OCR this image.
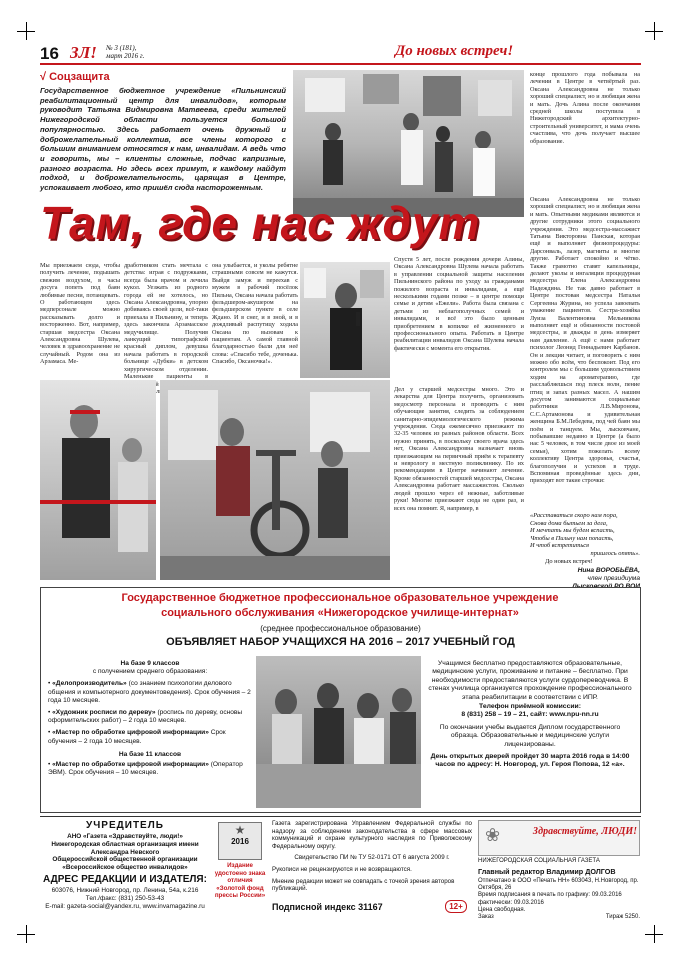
16 ЗЛ! № 3 (181),
март 2016 г.	До новых встреч!
√ Соцзащита
Государственное бюджетное учреждение «Пильнинский реабилитационный центр для инвалидов», которым руководит Татьяна Видмировна Матвеева, среди жителей Нижегородской области пользуется большой популярностью. Здесь работает очень дружный и доброжелательный коллектив, все члены которого с большим вниманием относятся к нам, инвалидам. А ведь что и говорить, мы – клиенты сложные, подчас капризные, разного возраста. Но здесь всех примут, к каждому найдут подход, и доброжелательность, царящая в Центре, успокаивает любого, кто пришёл сюда настороженным.
конце прошлого года побывала на лечении в Центре в четвёртый раз. Оксана Александровна не только хороший специалист, но и любящая жена и мать. Дочь Алина после окончания средней школы поступила в Нижегородский архитектурно-строительный университет, и мама очень счастлива, что дочь получает высшее образование.
Там, где нас ждут
Мы приезжаем сюда, чтобы получить лечение, подышать свежим воздухом, в часы досуга попеть под баян любимые песни, потанцевать. О работающем здесь медперсонале можно рассказывать долго и восторженно. Вот, например, старшая медсестра Оксана Александровна Шулева, человек в здравоохранение не случайный. Родом она из Арзамаса. Ме-
дработником стать мечтала с детства: играя с подружками, всегда была врачом и лечила кукол. Уезжать из родного города ей не хотелось, но Оксана Александровна, упорно добиваясь своей цели, всё-таки приехала в Пильнину, и теперь здесь закончила Арзамасское медучилище. Получив ланкущий типографской красный диплом, девушка начала работать в городской больнице «Дубки» в детском хирургическом отделении. Маленькие пациенты в
она улыбается, и уколы ребятне страшными совсем не кажутся. Выйдя замуж и переехав с мужем в рабочий посёлок Пильна, Оксана начала работать фельдшером-акушером на фельдшерском пункте в селе Ждано. И в снег, и в зной, и в дождливый распутицу ходила Оксана по вызовам к пациентам. А самой главной благодарностью были для неё слова: «Спасибо тебе, доченька. Спасибо, Оксаночка!».
Спустя 5 лет, после рождения дочери Алины, Оксана Александровна Шулева начала работать в управлении социальной защиты населения Пильнинского района по уходу за гражданами пожилого возраста и инвалидами, а ещё несколькими годами позже – в центре помощи семье и детям «Ежели». Работа была связана с детьми из неблагополучных семей и инвалидами, и всё это было ценным приобретением в копилке её жизненного и профессионального опыта. Работать в Центре реабилитации инвалидов Оксана Шулева начала фактически с момента его открытия.
Дел у старшей медсестры много. Это и лекарства для Центра получить, организовать медосмотр персонала и проводить с ним обучающие занятия, следить за соблюдением санитарно-эпидемиологического режима учреждения. Сюда ежемесячно приезжают по 32-35 человек из разных районов области. Всех нужно принять, в поскольку своего врача здесь нет, Оксана Александровна назначает вновь приезжающим на первичный приём к терапевту и неврологу в местную поликлинику. По их рекомендациям в Центре начинают лечение. Кроме обязанностей старшей медсестры, Оксана Александровна работает массажистом. Сколько людей прошло через её нежные, заботливые руки! Многие приезжают сюда не один раз, и всех она помнит. Я, например, в
Оксана Александровна не только хороший специалист, но и любящая жена и мать. Опытными медиками являются и другие сотрудники этого социального учреждения. Это медсестра-массажист Татьяна Викторовна Панская, которая ещё и выполняет физиопроцедуры: Дарсонваль, лазер, магниты и многие другие. Работает спокойно и чётко. Также грамотно ставят капельницы, делают уколы и ингаляции процедурная медсестра Елена Александровна Надеждина. Не так давно работает в Центре постовая медсестра Наталья Сергеевна Журина, но успела завоевать уважение пациентов. Сестра-хозяйка Луиза Валентиновна Мельникова выполняет ещё и обязанности постовой медсестры, и дважды в день измеряет нам давление. А ещё с нами работает психолог Леонид Геннадьевич Карбанов. Он и лекции читает, и поговорить с ним можно обо всём, что беспокоит. Под его контролем мы с большим удовольствием ходим на ароматерапию, где расслабляешься под плеск волн, пение птиц и запах разных масел. А нашим досугом занимаются социальные работники Л.В.Миронова, С.С.Артамонова и удивительная женщина Б.М.Лебедева, под чей баян мы поём и танцуем. Мы, лысковчане, побывавшие недавно в Центре (а было нас 5 человек, в том числе двое из моей семьи), хотим пожелать всему коллективу Центра здоровья, счастья, благополучия и успехов в труде. Вспоминая проведённые здесь дни, приходят вот такие строчки:
«Расставаться скоро нам пора,
Снова дома бытьем за дела,
И мечтать мы будем вспасть,
Чтобы в Пильну нам попасть,
И чтоб встретиться
пришлось опять».
До новых встреч!
Нина ВОРОБЬЁВА,
член президиума
Лысковской РО ВОИ
Государственное бюджетное профессиональное образовательное учреждение социального обслуживания «Нижегородское училище-интернат»
(среднее профессиональное образование)
ОБЪЯВЛЯЕТ НАБОР УЧАЩИХСЯ НА 2016 – 2017 УЧЕБНЫЙ ГОД
На базе 9 классов
с получением среднего образования:
• «Делопроизводитель» (со знанием психологии делового общения и компьютерного документоведения). Срок обучения – 2 года 10 месяцев.
• «Художник росписи по дереву» (роспись по дереву, основы оформительских работ) – 2 года 10 месяцев.
• «Мастер по обработке цифровой информации» Срок обучения – 2 года 10 месяцев.
На базе 11 классов
• «Мастер по обработке цифровой информации» (Оператор ЭВМ). Срок обучения – 10 месяцев.
Учащимся бесплатно предоставляются образовательные, медицинские услуги, проживание и питание – бесплатно. При необходимости предоставляются услуги сурдопереводчика. В стенах училища организуется прохождение профессионального этапа реабилитации в соответствии с ИПР.
Телефон приёмной комиссии:
8 (831) 258 – 19 – 21, сайт: www.npu-nn.ru
По окончании учебы выдается Диплом государственного образца. Образовательные и медицинские услуги лицензированы.
День открытых дверей пройдет 30 марта 2016 года в 14:00 часов по адресу: Н. Новгород, ул. Героя Попова, 12 «а».
УЧРЕДИТЕЛЬ
АНО «Газета «Здравствуйте, люди!»
Нижегородская областная организация имени Александра Невского
Общероссийской общественной организации «Всероссийское общество инвалидов»
АДРЕС РЕДАКЦИИ И ИЗДАТЕЛЯ:
603076, Нижний Новгород, пр. Ленина, 54а, к.216
Тел./факс: (831) 250-53-43
E-mail: gazeta-social@yandex.ru, www.invamagazine.ru
★
2016
Издание удостоено знака отличия «Золотой фонд прессы России»
Газета зарегистрирована Управлением Федеральной службы по надзору за соблюдением законодательства в сфере массовых коммуникаций и охране культурного наследия по Приволжскому Федеральному округу.
Свидетельство ПИ № ТУ 52-0171 ОТ 6 августа 2009 г.
Рукописи не рецензируются и не возвращаются.
Мнение редакции может не совпадать с точкой зрения авторов публикаций.
Подписной индекс 31167	12+
Здравствуйте, ЛЮДИ!
❀
НИЖЕГОРОДСКАЯ СОЦИАЛЬНАЯ ГАЗЕТА
Главный редактор Владимир ДОЛГОВ
Отпечатано в ООО «Печать НН» 603043, Н.Новгород, пр. Октября, 26
Время подписания в печать по графику: 09.03.2016 фактически: 09.03.2016
Цена свободная.
Заказ	Тираж 5250.
